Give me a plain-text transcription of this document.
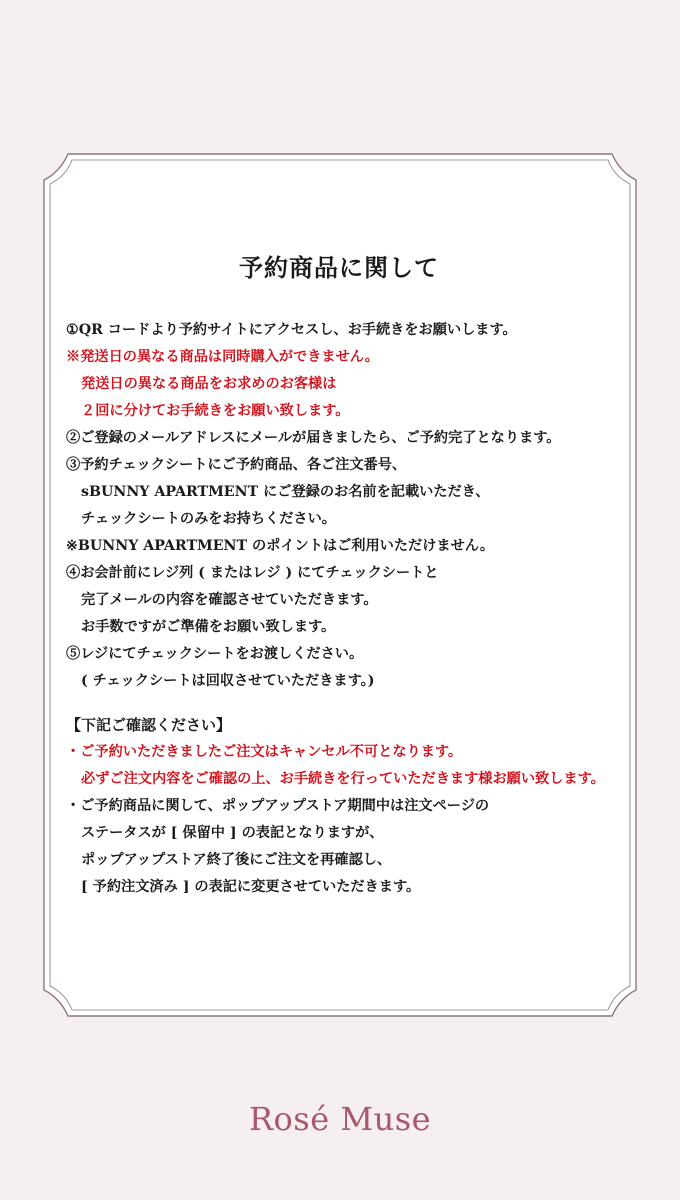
予約商品に関して
①QR コードより予約サイトにアクセスし、お手続きをお願いします。
※発送日の異なる商品は同時購入ができません。
発送日の異なる商品をお求めのお客様は
２回に分けてお手続きをお願い致します。
②ご登録のメールアドレスにメールが届きましたら、ご予約完了となります。
③予約チェックシートにご予約商品、各ご注文番号、
sBUNNY APARTMENT にご登録のお名前を記載いただき、
チェックシートのみをお持ちください。
※BUNNY APARTMENT のポイントはご利用いただけません。
④お会計前にレジ列 ( またはレジ ) にてチェックシートと
完了メールの内容を確認させていただきます。
お手数ですがご準備をお願い致します。
⑤レジにてチェックシートをお渡しください。
( チェックシートは回収させていただきます。)
【下記ご確認ください】
・ご予約いただきましたご注文はキャンセル不可となります。
必ずご注文内容をご確認の上、お手続きを行っていただきます様お願い致します。
・ご予約商品に関して、ポップアップストア期間中は注文ページの
ステータスが [ 保留中 ] の表記となりますが、
ポップアップストア終了後にご注文を再確認し、
[ 予約注文済み ] の表記に変更させていただきます。
Rosé Muse
